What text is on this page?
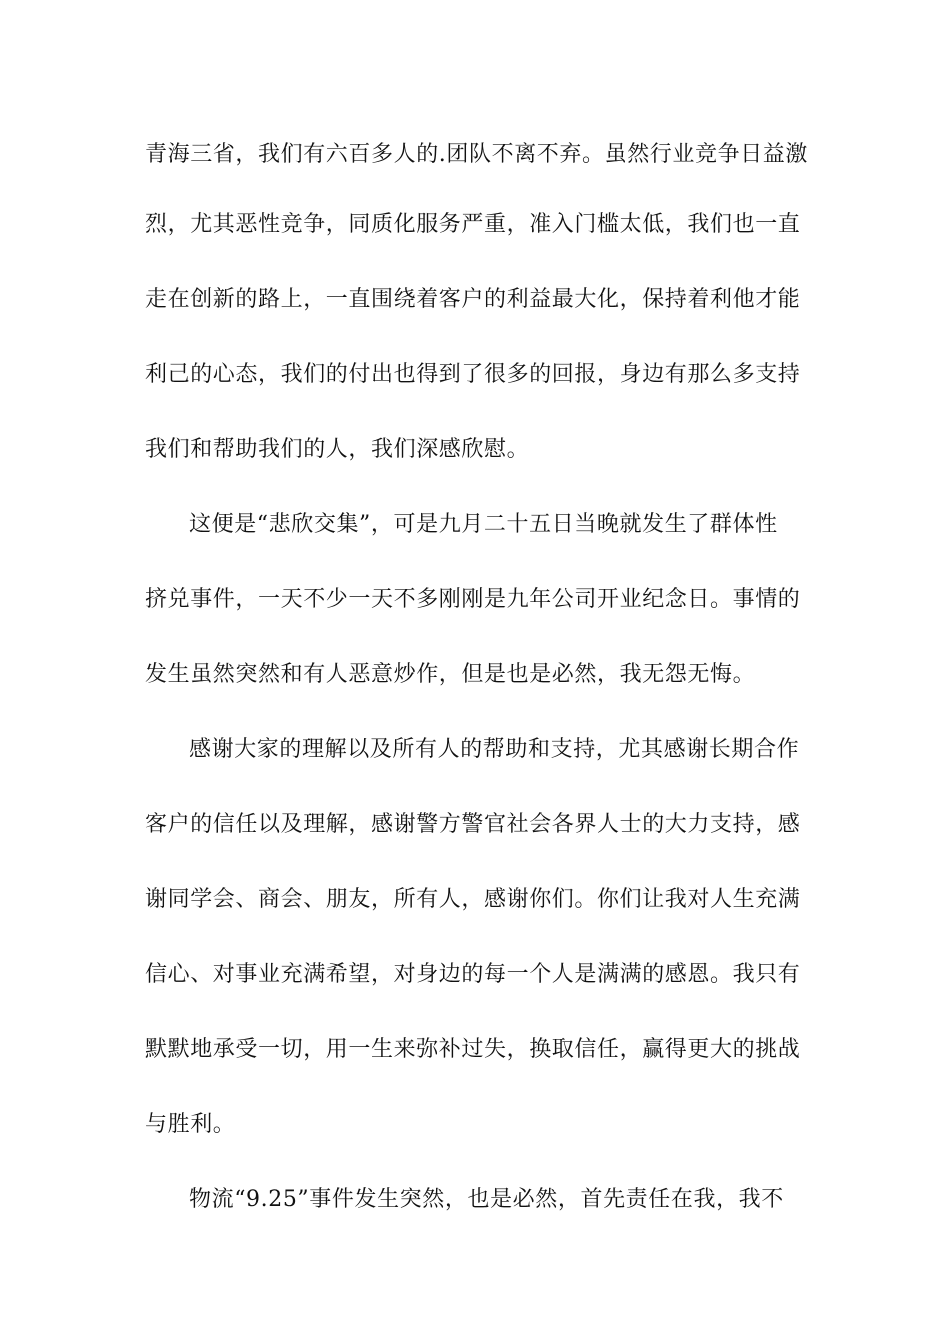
青海三省，我们有六百多人的.团队不离不弃。虽然行业竞争日益激
烈，尤其恶性竞争，同质化服务严重，准入门槛太低，我们也一直
走在创新的路上，一直围绕着客户的利益最大化，保持着利他才能
利己的心态，我们的付出也得到了很多的回报，身边有那么多支持
我们和帮助我们的人，我们深感欣慰。
这便是“悲欣交集”，可是九月二十五日当晚就发生了群体性
挤兑事件，一天不少一天不多刚刚是九年公司开业纪念日。事情的
发生虽然突然和有人恶意炒作，但是也是必然，我无怨无悔。
感谢大家的理解以及所有人的帮助和支持，尤其感谢长期合作
客户的信任以及理解，感谢警方警官社会各界人士的大力支持，感
谢同学会、商会、朋友，所有人，感谢你们。你们让我对人生充满
信心、对事业充满希望，对身边的每一个人是满满的感恩。我只有
默默地承受一切，用一生来弥补过失，换取信任，赢得更大的挑战
与胜利。
物流“9.25”事件发生突然，也是必然，首先责任在我，我不
